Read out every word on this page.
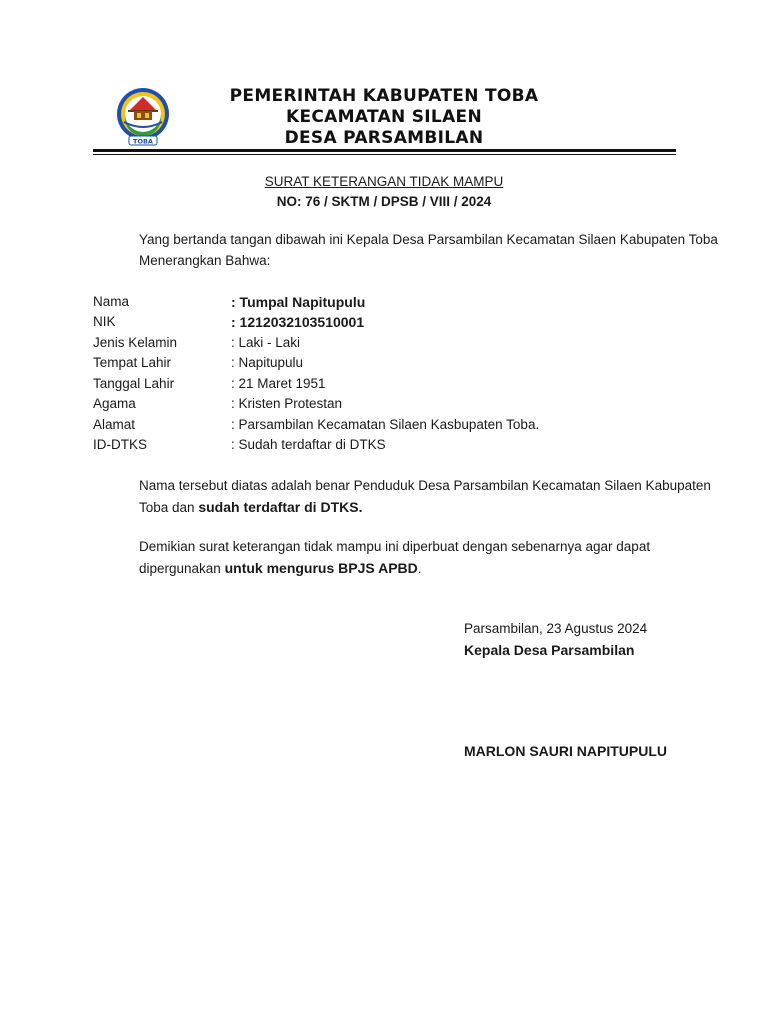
TOBA
PEMERINTAH KABUPATEN TOBA
KECAMATAN SILAEN
DESA PARSAMBILAN
SURAT KETERANGAN TIDAK MAMPU
NO: 76 / SKTM / DPSB / VIII / 2024

Yang bertanda tangan dibawah ini Kepala Desa Parsambilan Kecamatan Silaen Kabupaten Toba Menerangkan Bahwa:

Nama	: Tumpal Napitupulu
NIK	: 1212032103510001
Jenis Kelamin	: Laki - Laki
Tempat Lahir	: Napitupulu
Tanggal Lahir	: 21 Maret 1951
Agama	: Kristen Protestan
Alamat	: Parsambilan Kecamatan Silaen Kasbupaten Toba.
ID-DTKS	: Sudah terdaftar di DTKS

Nama tersebut diatas adalah benar Penduduk Desa Parsambilan Kecamatan Silaen Kabupaten Toba dan sudah terdaftar di DTKS.

Demikian surat keterangan tidak mampu ini diperbuat dengan sebenarnya agar dapat dipergunakan untuk mengurus BPJS APBD.

Parsambilan, 23 Agustus 2024
Kepala Desa Parsambilan
MARLON SAURI NAPITUPULU
